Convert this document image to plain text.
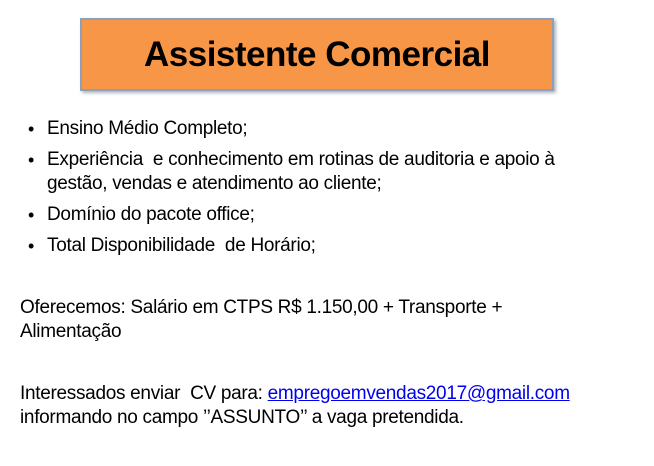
Assistente Comercial
• Ensino Médio Completo;
• Experiência  e conhecimento em rotinas de auditoria e apoio à
gestão, vendas e atendimento ao cliente;
• Domínio do pacote office;
• Total Disponibilidade  de Horário;
Oferecemos: Salário em CTPS R$ 1.150,00 + Transporte +
Alimentação
Interessados enviar  CV para: empregoemvendas2017@gmail.com
informando no campo ’’ASSUNTO’’ a vaga pretendida.
